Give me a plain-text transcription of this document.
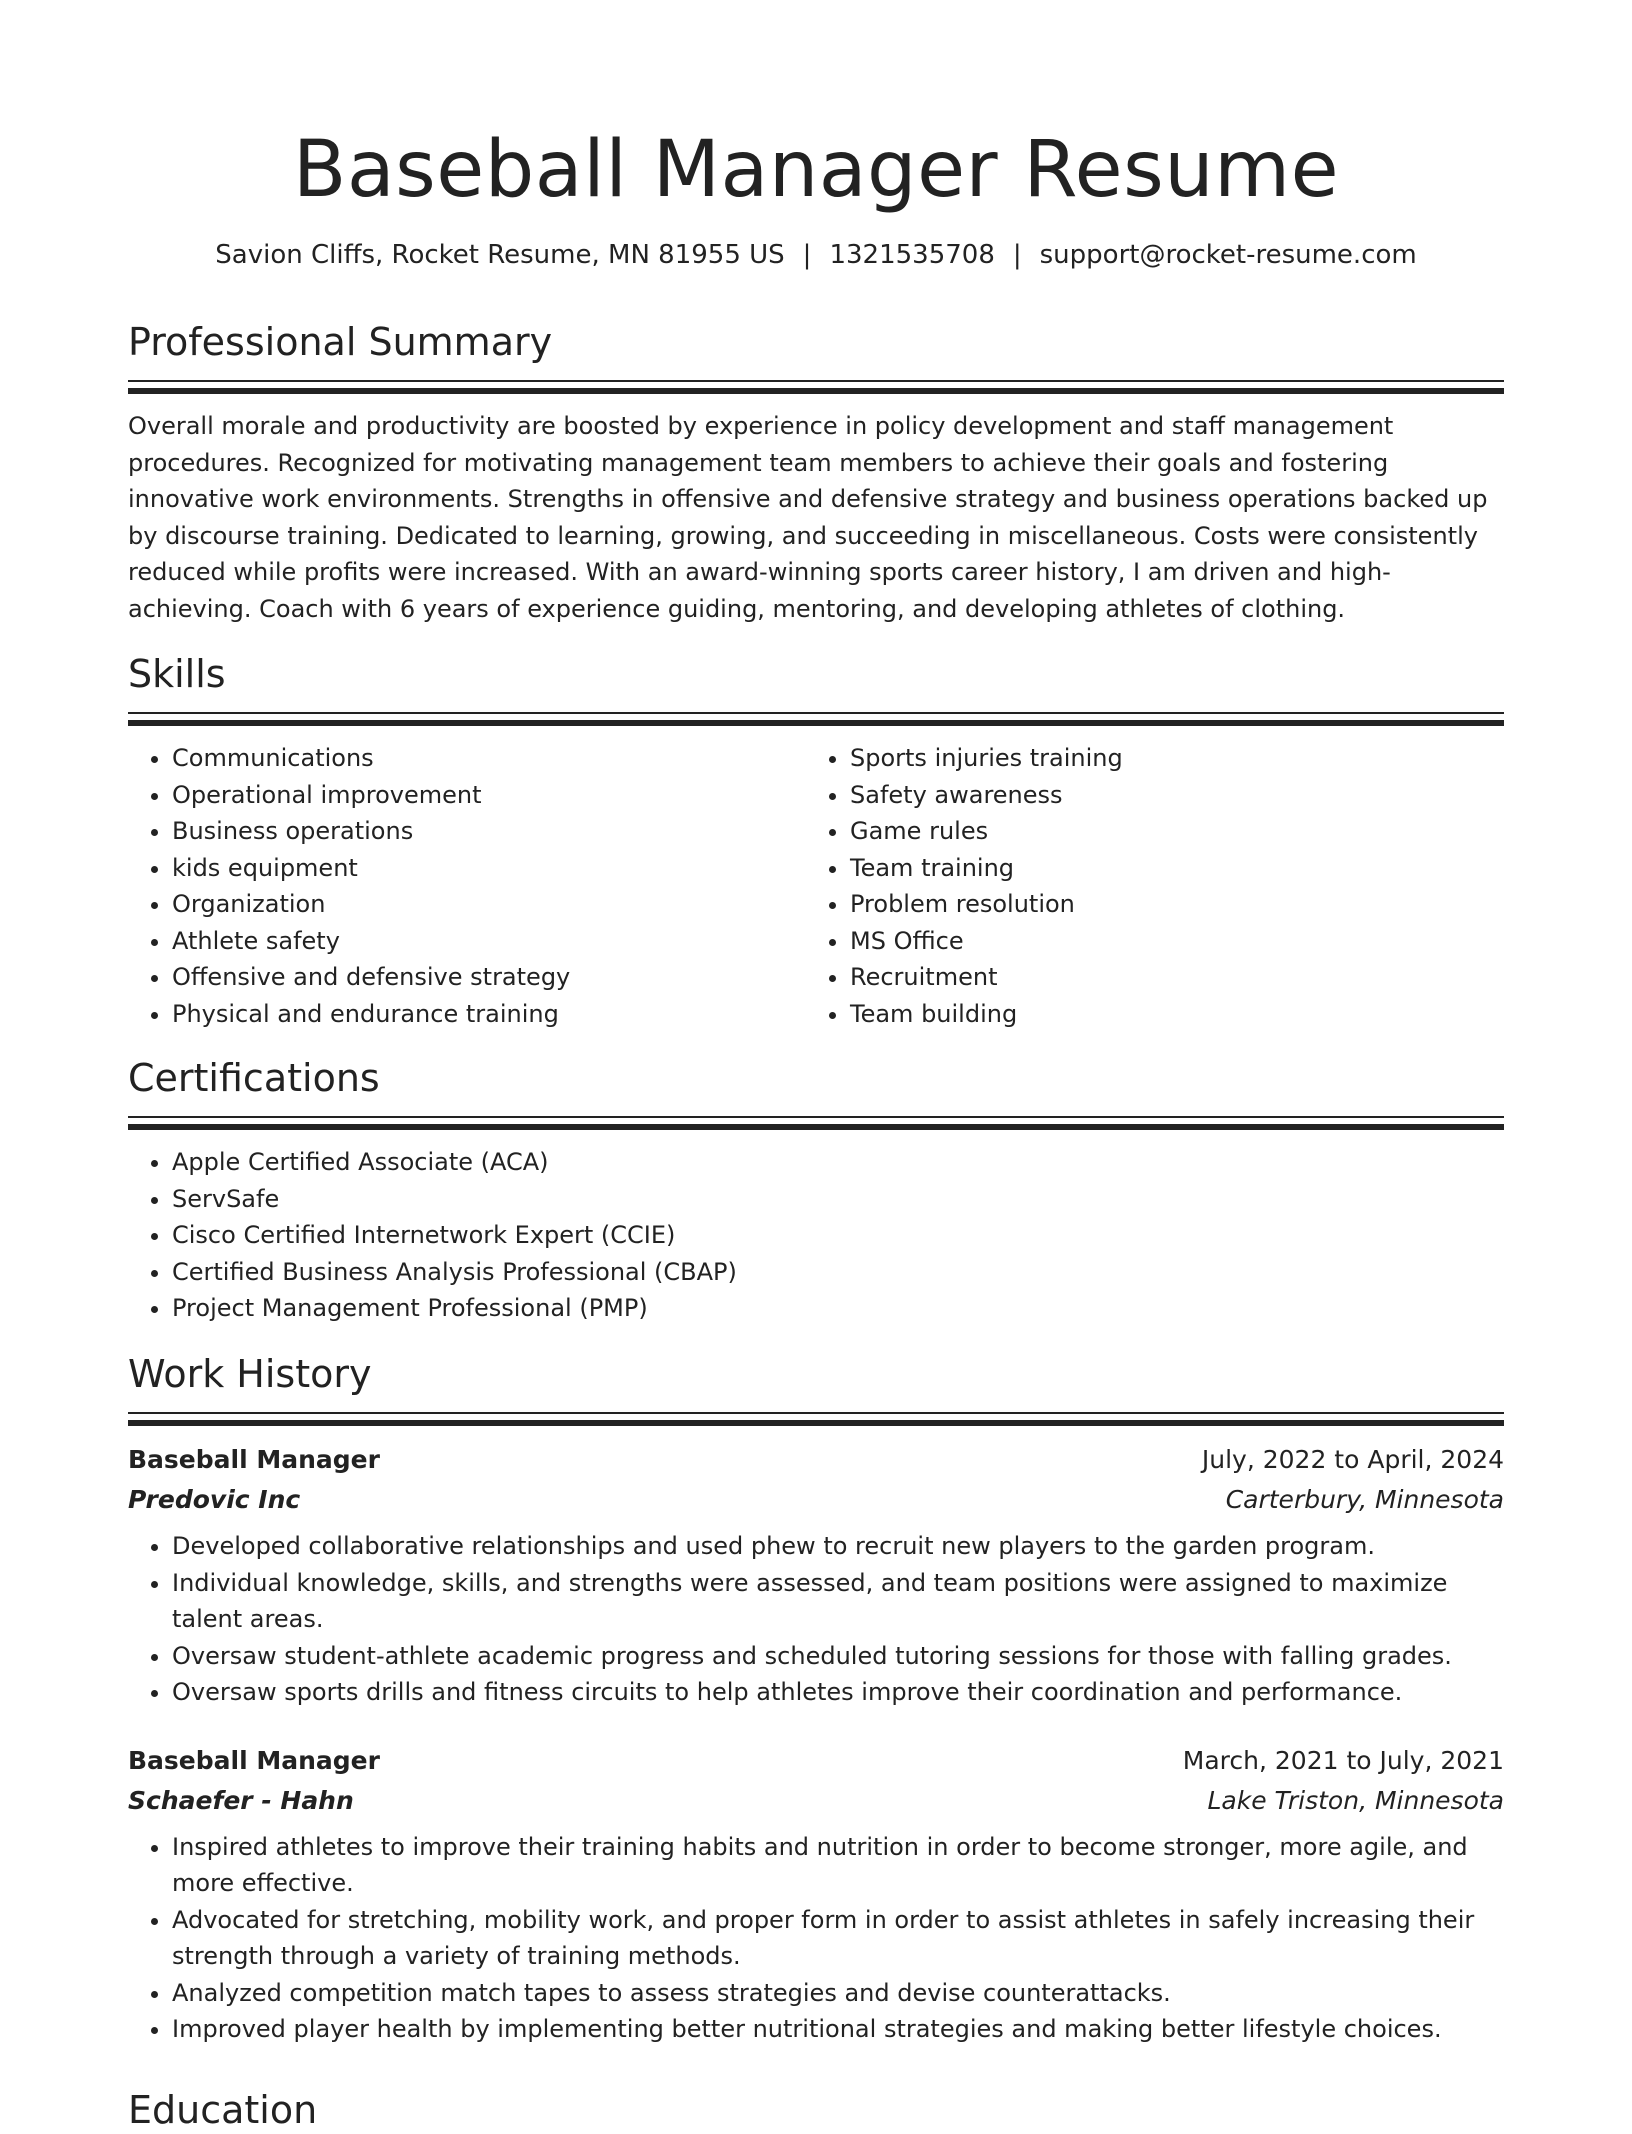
Baseball Manager Resume
Savion Cliffs, Rocket Resume, MN 81955 US | 1321535708 | support@rocket-resume.com
Professional Summary
Overall morale and productivity are boosted by experience in policy development and staff management procedures. Recognized for motivating management team members to achieve their goals and fostering innovative work environments. Strengths in offensive and defensive strategy and business operations backed up by discourse training. Dedicated to learning, growing, and succeeding in miscellaneous. Costs were consistently reduced while profits were increased. With an award-winning sports career history, I am driven and high-achieving. Coach with 6 years of experience guiding, mentoring, and developing athletes of clothing.
Skills
• Communications
• Operational improvement
• Business operations
• kids equipment
• Organization
• Athlete safety
• Offensive and defensive strategy
• Physical and endurance training
• Sports injuries training
• Safety awareness
• Game rules
• Team training
• Problem resolution
• MS Office
• Recruitment
• Team building
Certifications
• Apple Certified Associate (ACA)
• ServSafe
• Cisco Certified Internetwork Expert (CCIE)
• Certified Business Analysis Professional (CBAP)
• Project Management Professional (PMP)
Work History
Baseball Manager	July, 2022 to April, 2024
Predovic Inc	Carterbury, Minnesota
• Developed collaborative relationships and used phew to recruit new players to the garden program.
• Individual knowledge, skills, and strengths were assessed, and team positions were assigned to maximize talent areas.
• Oversaw student-athlete academic progress and scheduled tutoring sessions for those with falling grades.
• Oversaw sports drills and fitness circuits to help athletes improve their coordination and performance.
Baseball Manager	March, 2021 to July, 2021
Schaefer - Hahn	Lake Triston, Minnesota
• Inspired athletes to improve their training habits and nutrition in order to become stronger, more agile, and more effective.
• Advocated for stretching, mobility work, and proper form in order to assist athletes in safely increasing their strength through a variety of training methods.
• Analyzed competition match tapes to assess strategies and devise counterattacks.
• Improved player health by implementing better nutritional strategies and making better lifestyle choices.
Education
